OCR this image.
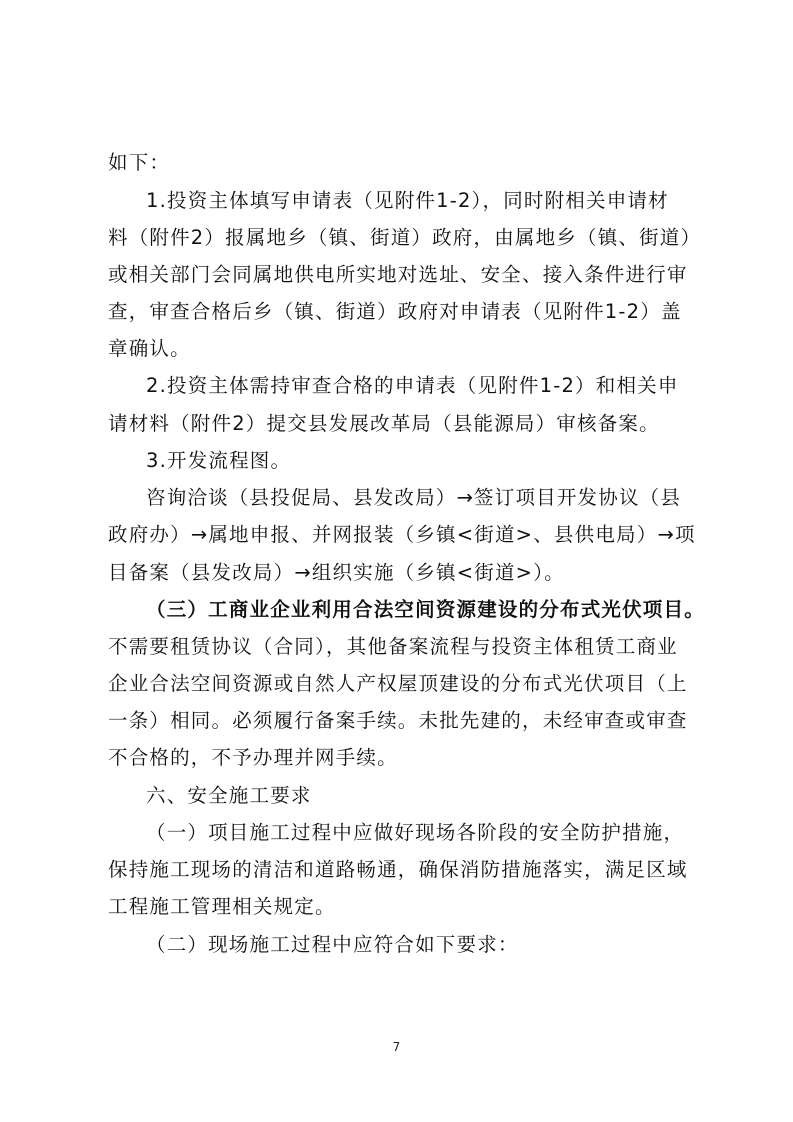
如下：
1.投资主体填写申请表（见附件1-2），同时附相关申请材
料（附件2）报属地乡（镇、街道）政府，由属地乡（镇、街道）
或相关部门会同属地供电所实地对选址、安全、接入条件进行审
查，审查合格后乡（镇、街道）政府对申请表（见附件1-2）盖
章确认。
2.投资主体需持审查合格的申请表（见附件1-2）和相关申
请材料（附件2）提交县发展改革局（县能源局）审核备案。
3.开发流程图。
咨询洽谈（县投促局、县发改局）→签订项目开发协议（县
政府办）→属地申报、并网报装（乡镇<街道>、县供电局）→项
目备案（县发改局）→组织实施（乡镇<街道>）。
（三）工商业企业利用合法空间资源建设的分布式光伏项目。
不需要租赁协议（合同），其他备案流程与投资主体租赁工商业
企业合法空间资源或自然人产权屋顶建设的分布式光伏项目（上
一条）相同。必须履行备案手续。未批先建的，未经审查或审查
不合格的，不予办理并网手续。
六、安全施工要求
（一）项目施工过程中应做好现场各阶段的安全防护措施，
保持施工现场的清洁和道路畅通，确保消防措施落实，满足区域
工程施工管理相关规定。
（二）现场施工过程中应符合如下要求：
7
